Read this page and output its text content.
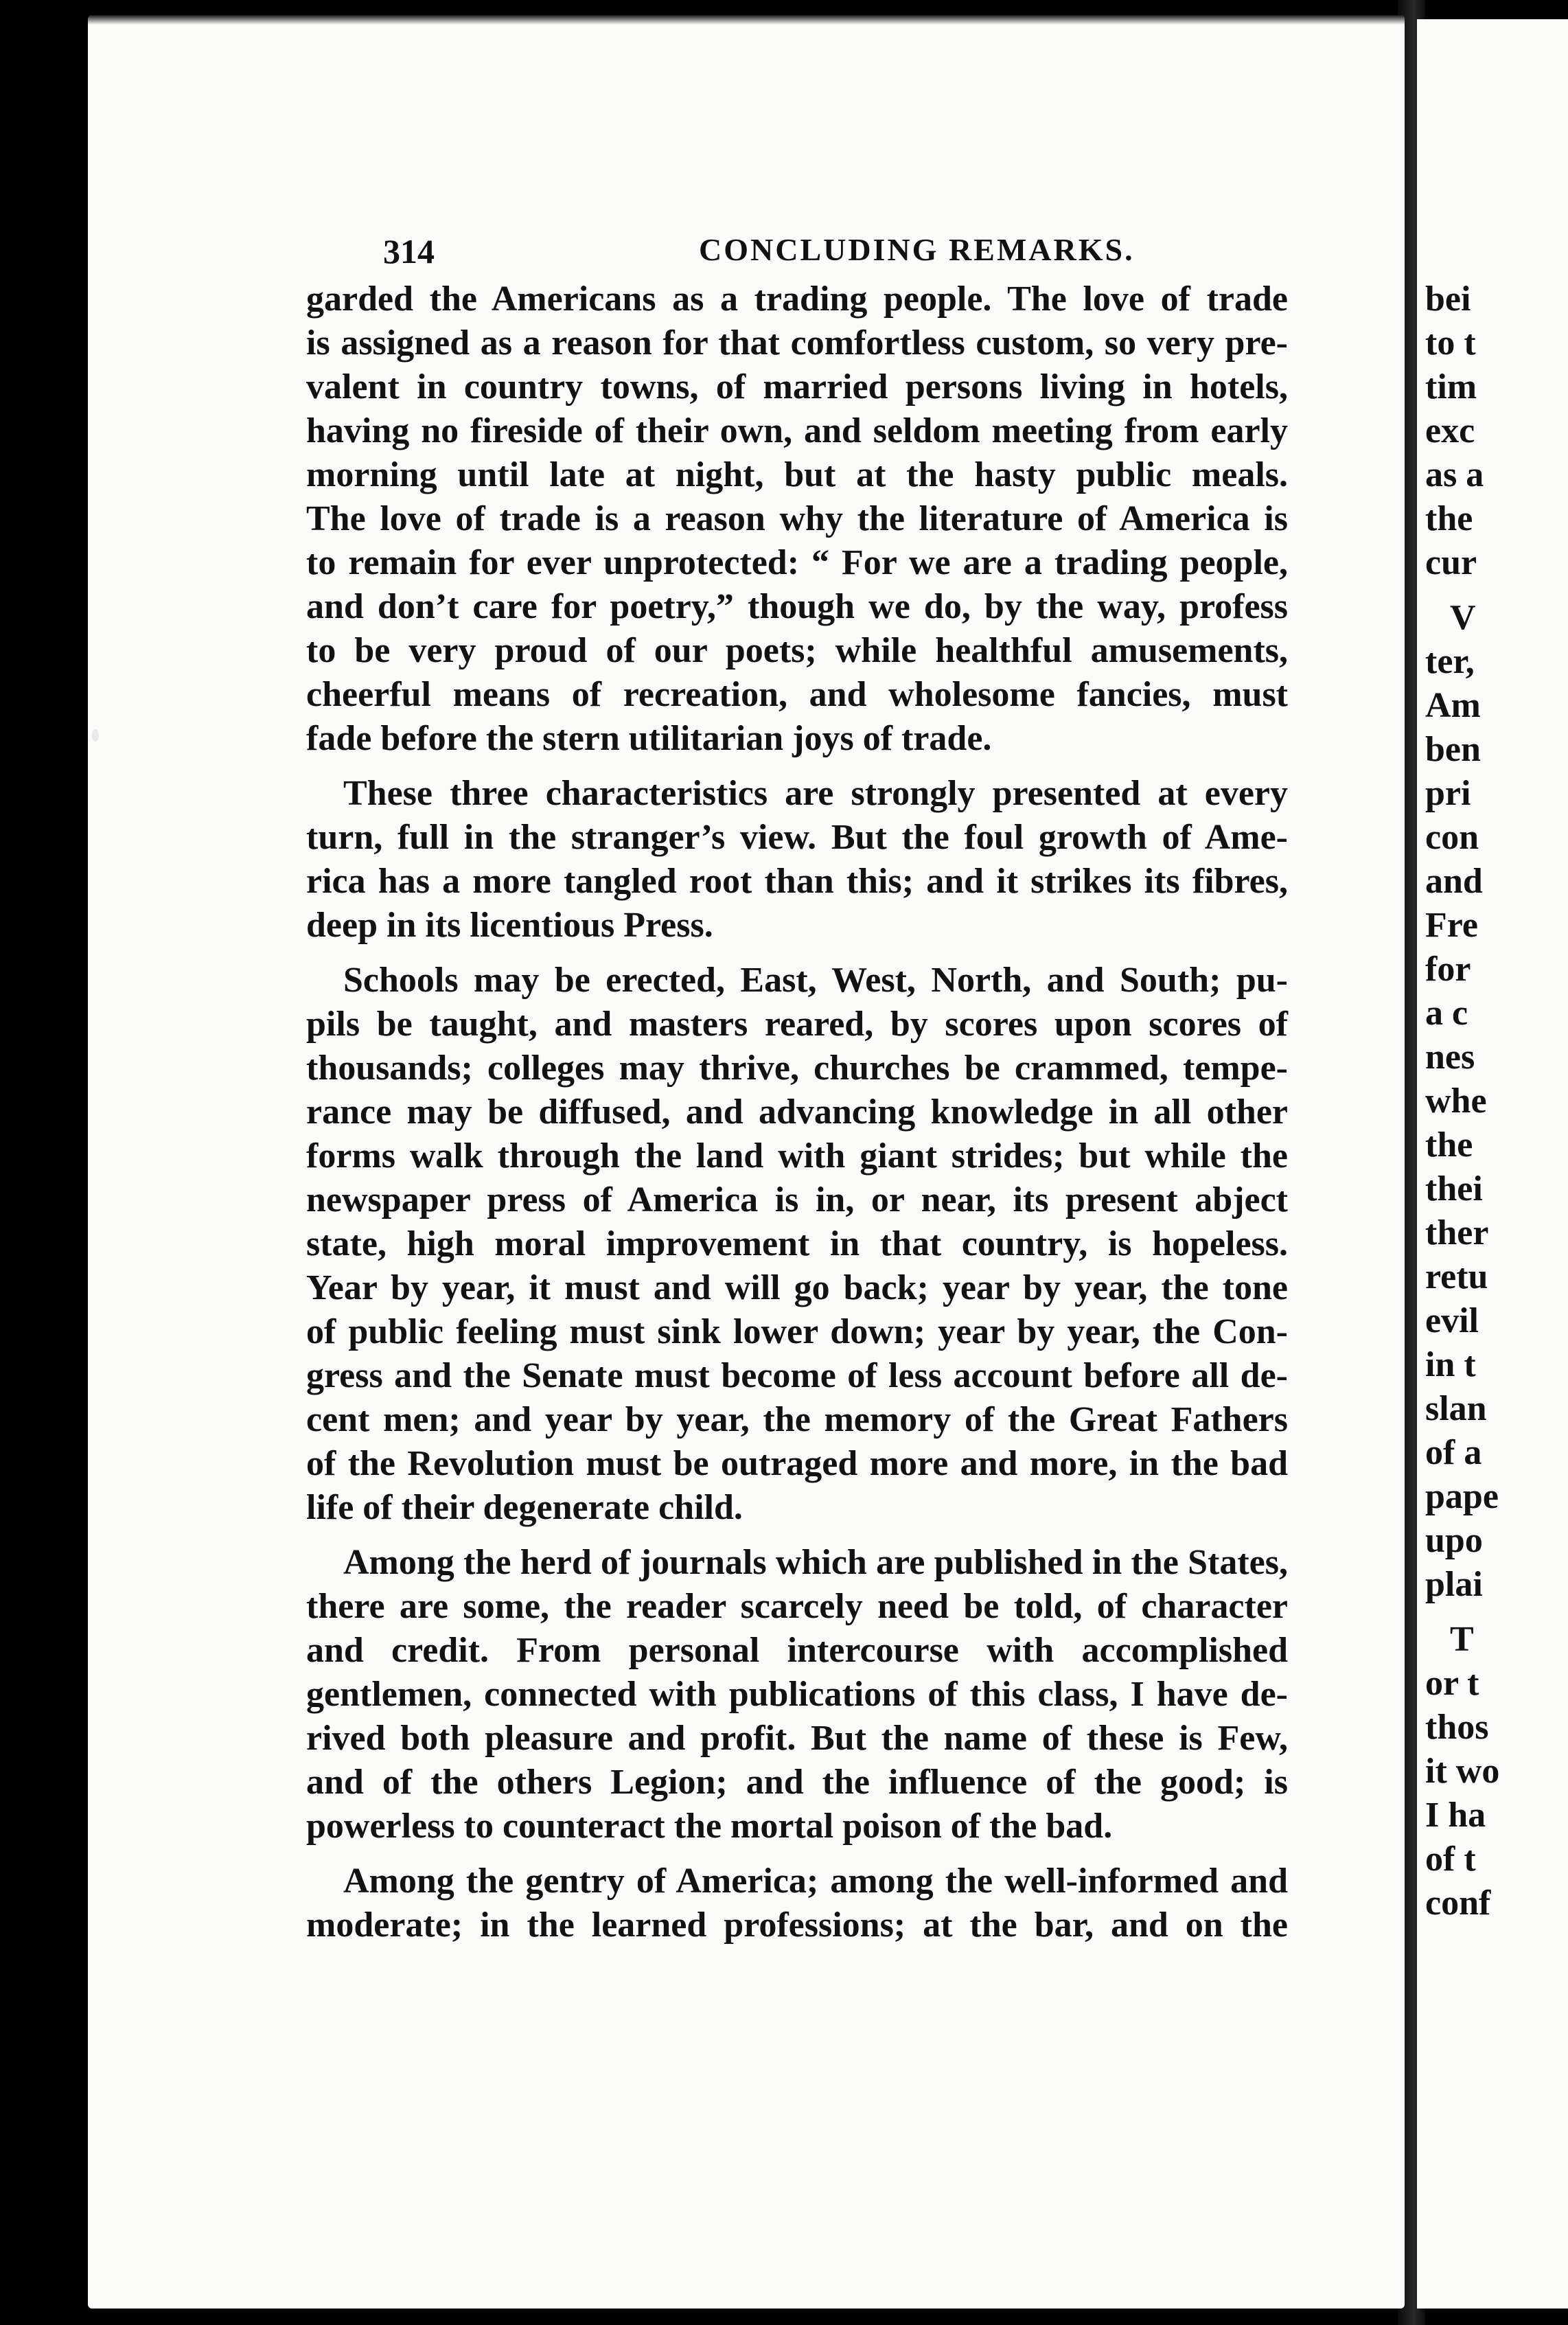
314	CONCLUDING REMARKS.
garded the Americans as a trading people. The love of trade
is assigned as a reason for that comfortless custom, so very pre-
valent in country towns, of married persons living in hotels,
having no fireside of their own, and seldom meeting from early
morning until late at night, but at the hasty public meals.
The love of trade is a reason why the literature of America is
to remain for ever unprotected: “ For we are a trading people,
and don’t care for poetry,” though we do, by the way, profess
to be very proud of our poets; while healthful amusements,
cheerful means of recreation, and wholesome fancies, must
fade before the stern utilitarian joys of trade.
These three characteristics are strongly presented at every
turn, full in the stranger’s view. But the foul growth of Ame-
rica has a more tangled root than this; and it strikes its fibres,
deep in its licentious Press.
Schools may be erected, East, West, North, and South; pu-
pils be taught, and masters reared, by scores upon scores of
thousands; colleges may thrive, churches be crammed, tempe-
rance may be diffused, and advancing knowledge in all other
forms walk through the land with giant strides; but while the
newspaper press of America is in, or near, its present abject
state, high moral improvement in that country, is hopeless.
Year by year, it must and will go back; year by year, the tone
of public feeling must sink lower down; year by year, the Con-
gress and the Senate must become of less account before all de-
cent men; and year by year, the memory of the Great Fathers
of the Revolution must be outraged more and more, in the bad
life of their degenerate child.
Among the herd of journals which are published in the States,
there are some, the reader scarcely need be told, of character
and credit. From personal intercourse with accomplished
gentlemen, connected with publications of this class, I have de-
rived both pleasure and profit. But the name of these is Few,
and of the others Legion; and the influence of the good; is
powerless to counteract the mortal poison of the bad.
Among the gentry of America; among the well-informed and
moderate; in the learned professions; at the bar, and on the
bei
to t
tim
exc
as a
the
cur
V
ter,
Am
ben
pri
con
and
Fre
for
a c
nes
whe
the
thei
ther
retu
evil
in t
slan
of a
pape
upo
plai
T
or t
thos
it wo
I ha
of t
conf
